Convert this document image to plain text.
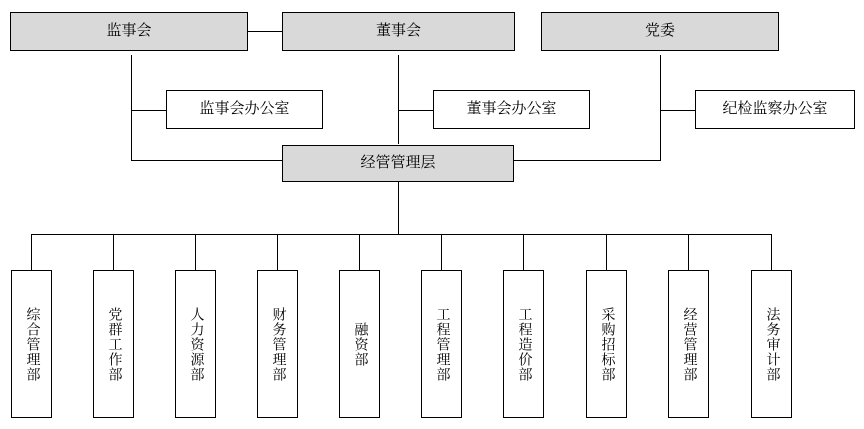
监事会	董事会	党委
监事会办公室	董事会办公室	纪检监察办公室
经管管理层
综合管理部	党群工作部	人力资源部	财务管理部	融资部	工程管理部	工程造价部	采购招标部	经营管理部	法务审计部
